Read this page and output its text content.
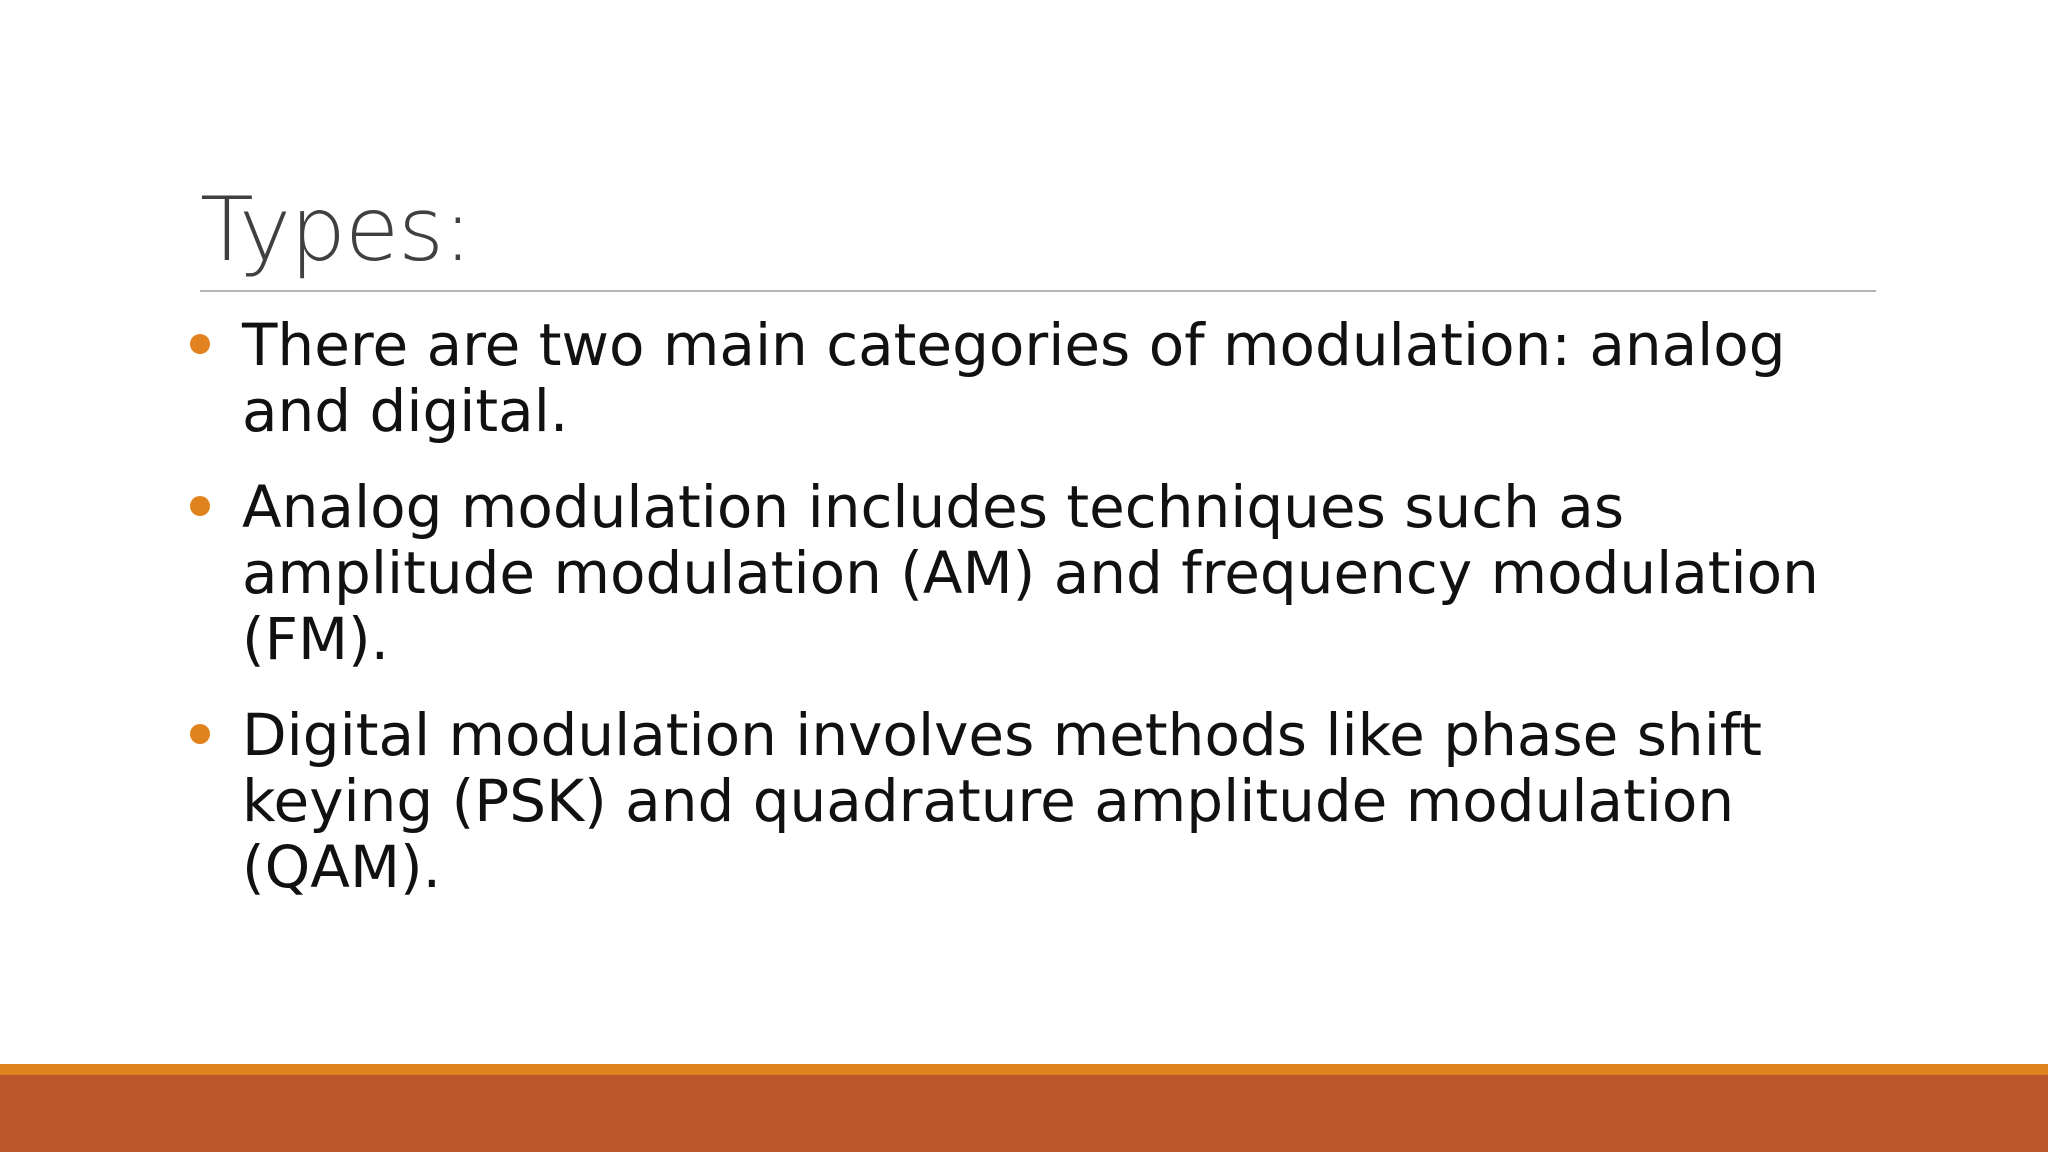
Types:
There are two main categories of modulation: analog and digital.
Analog modulation includes techniques such as amplitude modulation (AM) and frequency modulation (FM).
Digital modulation involves methods like phase shift keying (PSK) and quadrature amplitude modulation (QAM).
